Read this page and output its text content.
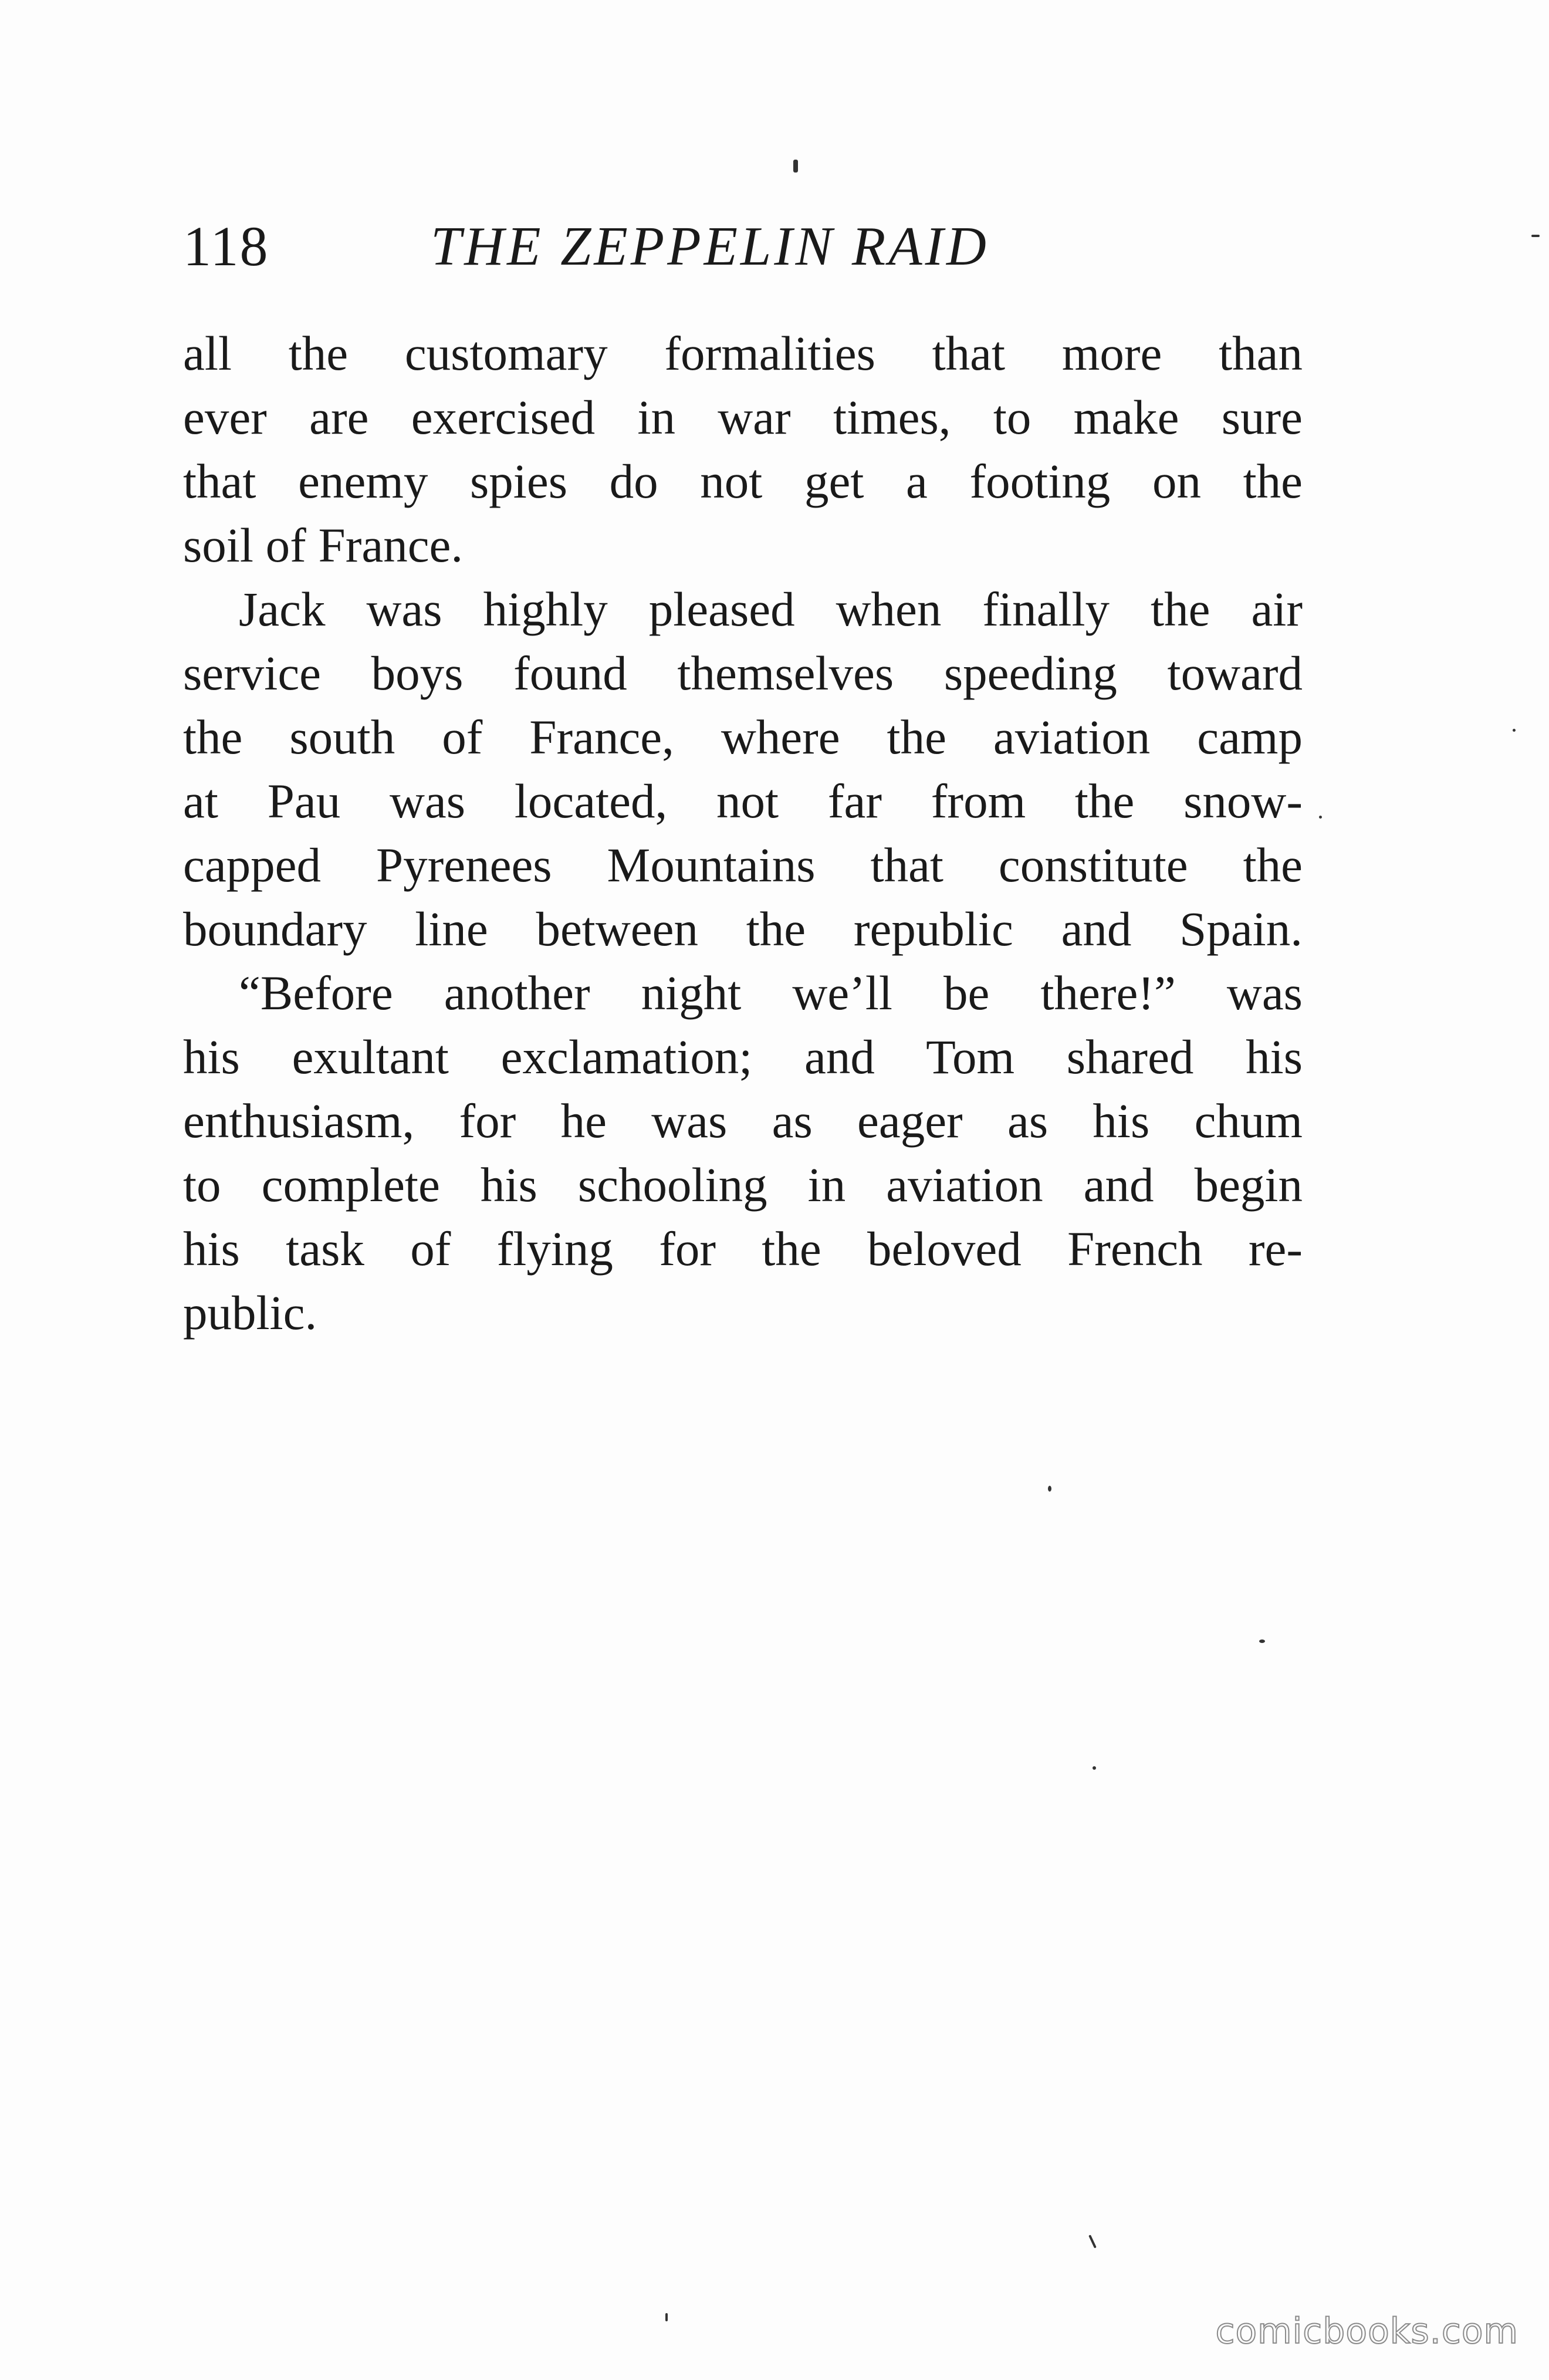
118	THE ZEPPELIN RAID
all the customary formalities that more than
ever are exercised in war times, to make sure
that enemy spies do not get a footing on the
soil of France.
Jack was highly pleased when finally the air
service boys found themselves speeding toward
the south of France, where the aviation camp
at Pau was located, not far from the snow-
capped Pyrenees Mountains that constitute the
boundary line between the republic and Spain.
“Before another night we’ll be there!” was
his exultant exclamation; and Tom shared his
enthusiasm, for he was as eager as his chum
to complete his schooling in aviation and begin
his task of flying for the beloved French re-
public.
comicbooks.com
